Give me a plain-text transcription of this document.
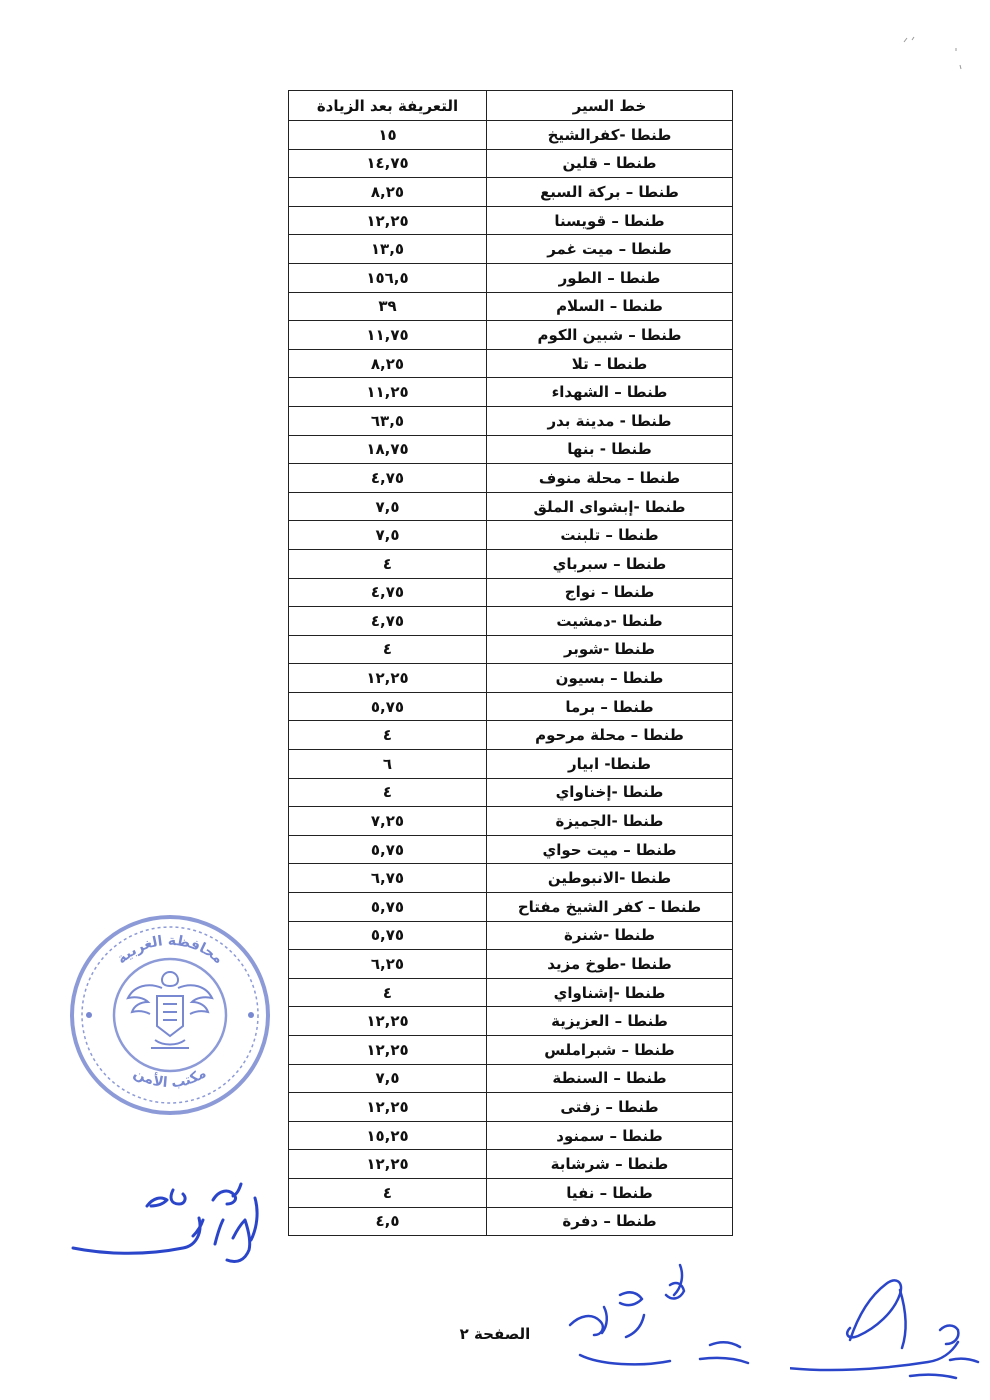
خط السير	التعريفة بعد الزيادة
طنطا -كفرالشيخ	١٥
طنطا – قلين	١٤,٧٥
طنطا – بركة السبع	٨,٢٥
طنطا – قويسنا	١٢,٢٥
طنطا – ميت غمر	١٣,٥
طنطا – الطور	١٥٦,٥
طنطا – السلام	٣٩
طنطا – شبين الكوم	١١,٧٥
طنطا – تلا	٨,٢٥
طنطا – الشهداء	١١,٢٥
طنطا - مدينة بدر	٦٣,٥
طنطا - بنها	١٨,٧٥
طنطا – محلة منوف	٤,٧٥
طنطا -إبشواى الملق	٧,٥
طنطا – تلبنت	٧,٥
طنطا – سبرباي	٤
طنطا – نواج	٤,٧٥
طنطا -دمشيت	٤,٧٥
طنطا -شوبر	٤
طنطا – بسيون	١٢,٢٥
طنطا – برما	٥,٧٥
طنطا – محلة مرحوم	٤
طنطا- ابيار	٦
طنطا -إخناواي	٤
طنطا -الجميزة	٧,٢٥
طنطا – ميت حواي	٥,٧٥
طنطا -الانبوطين	٦,٧٥
طنطا – كفر الشيخ مفتاح	٥,٧٥
طنطا -شنرة	٥,٧٥
طنطا -طوخ مزيد	٦,٢٥
طنطا -إشناواي	٤
طنطا – العزيزية	١٢,٢٥
طنطا – شبراملس	١٢,٢٥
طنطا – السنطة	٧,٥
طنطا – زفتى	١٢,٢٥
طنطا – سمنود	١٥,٢٥
طنطا – شرشابة	١٢,٢٥
طنطا – نفيا	٤
طنطا – دفرة	٤,٥
محافظة الغربية
مكتب الأمن
الصفحة ٢
